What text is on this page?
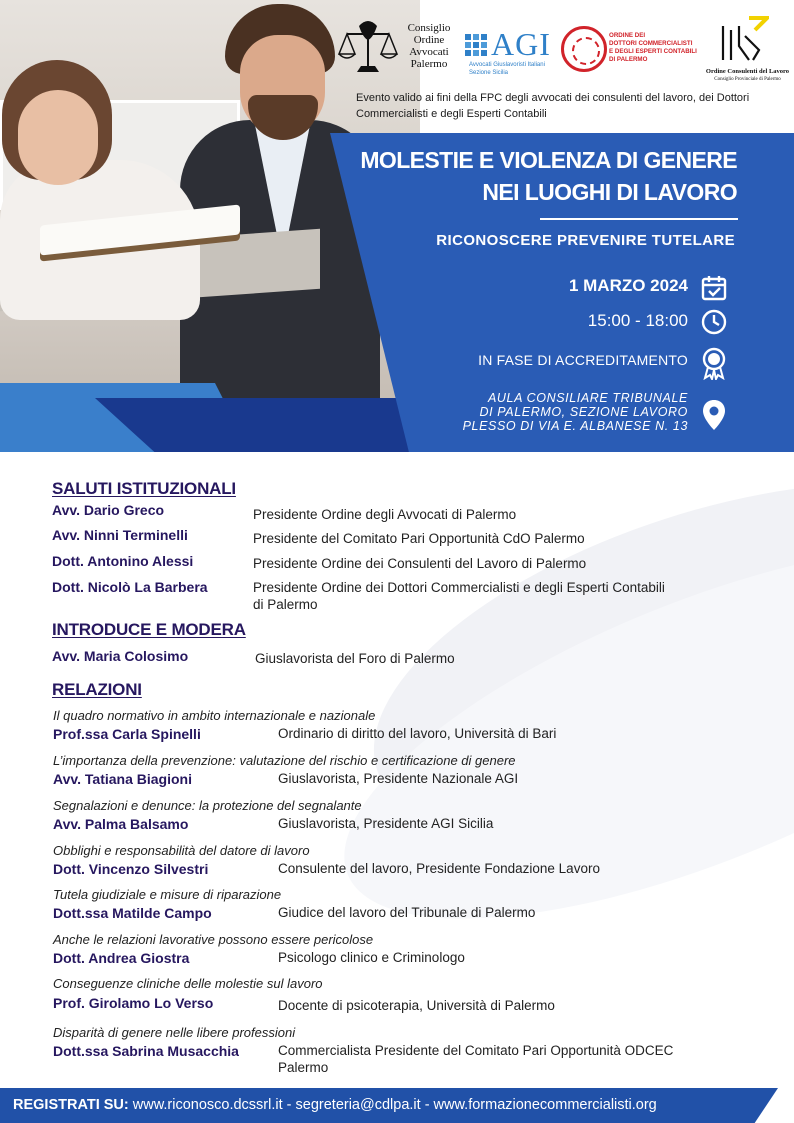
Consiglio
Ordine
Avvocati
Palermo
AGI
Avvocati Giuslavoristi Italiani
Sezione Sicilia
ORDINE DEI
DOTTORI COMMERCIALISTI
E DEGLI ESPERTI CONTABILI
DI PALERMO
Ordine Consulenti del Lavoro
Consiglio Provinciale di Palermo
Evento valido ai fini della FPC degli avvocati dei consulenti del lavoro, dei Dottori Commercialisti e degli Esperti Contabili
MOLESTIE E VIOLENZA DI GENERE
NEI LUOGHI DI LAVORO
RICONOSCERE PREVENIRE TUTELARE
1 MARZO 2024
15:00 - 18:00
IN FASE DI ACCREDITAMENTO
AULA CONSILIARE TRIBUNALE
DI PALERMO, SEZIONE LAVORO
PLESSO DI VIA E. ALBANESE N. 13
SALUTI ISTITUZIONALI
Avv. Dario Greco	Presidente Ordine degli Avvocati di Palermo
Avv. Ninni Terminelli	Presidente del Comitato Pari Opportunità CdO Palermo
Dott. Antonino Alessi	Presidente Ordine dei Consulenti del Lavoro di Palermo
Dott. Nicolò La Barbera	Presidente Ordine dei Dottori Commercialisti e degli Esperti Contabili di Palermo
INTRODUCE E MODERA
Avv. Maria Colosimo	Giuslavorista del Foro di Palermo
RELAZIONI
Il quadro normativo in ambito internazionale e nazionale
Prof.ssa Carla Spinelli	Ordinario di diritto del lavoro, Università di Bari
L’importanza della prevenzione: valutazione del rischio e certificazione di genere
Avv. Tatiana Biagioni	Giuslavorista, Presidente Nazionale AGI
Segnalazioni e denunce: la protezione del segnalante
Avv. Palma Balsamo	Giuslavorista, Presidente AGI Sicilia
Obblighi e responsabilità del datore di lavoro
Dott. Vincenzo Silvestri	Consulente del lavoro, Presidente Fondazione Lavoro
Tutela giudiziale e misure di riparazione
Dott.ssa Matilde Campo	Giudice del lavoro del Tribunale di Palermo
Anche le relazioni lavorative possono essere pericolose
Dott. Andrea Giostra	Psicologo clinico e Criminologo
Conseguenze cliniche delle molestie sul lavoro
Prof. Girolamo Lo Verso	Docente di psicoterapia, Università di Palermo
Disparità di genere nelle libere professioni
Dott.ssa Sabrina Musacchia	Commercialista Presidente del Comitato Pari Opportunità ODCEC Palermo
REGISTRATI SU: www.riconosco.dcssrl.it - segreteria@cdlpa.it - www.formazionecommercialisti.org
